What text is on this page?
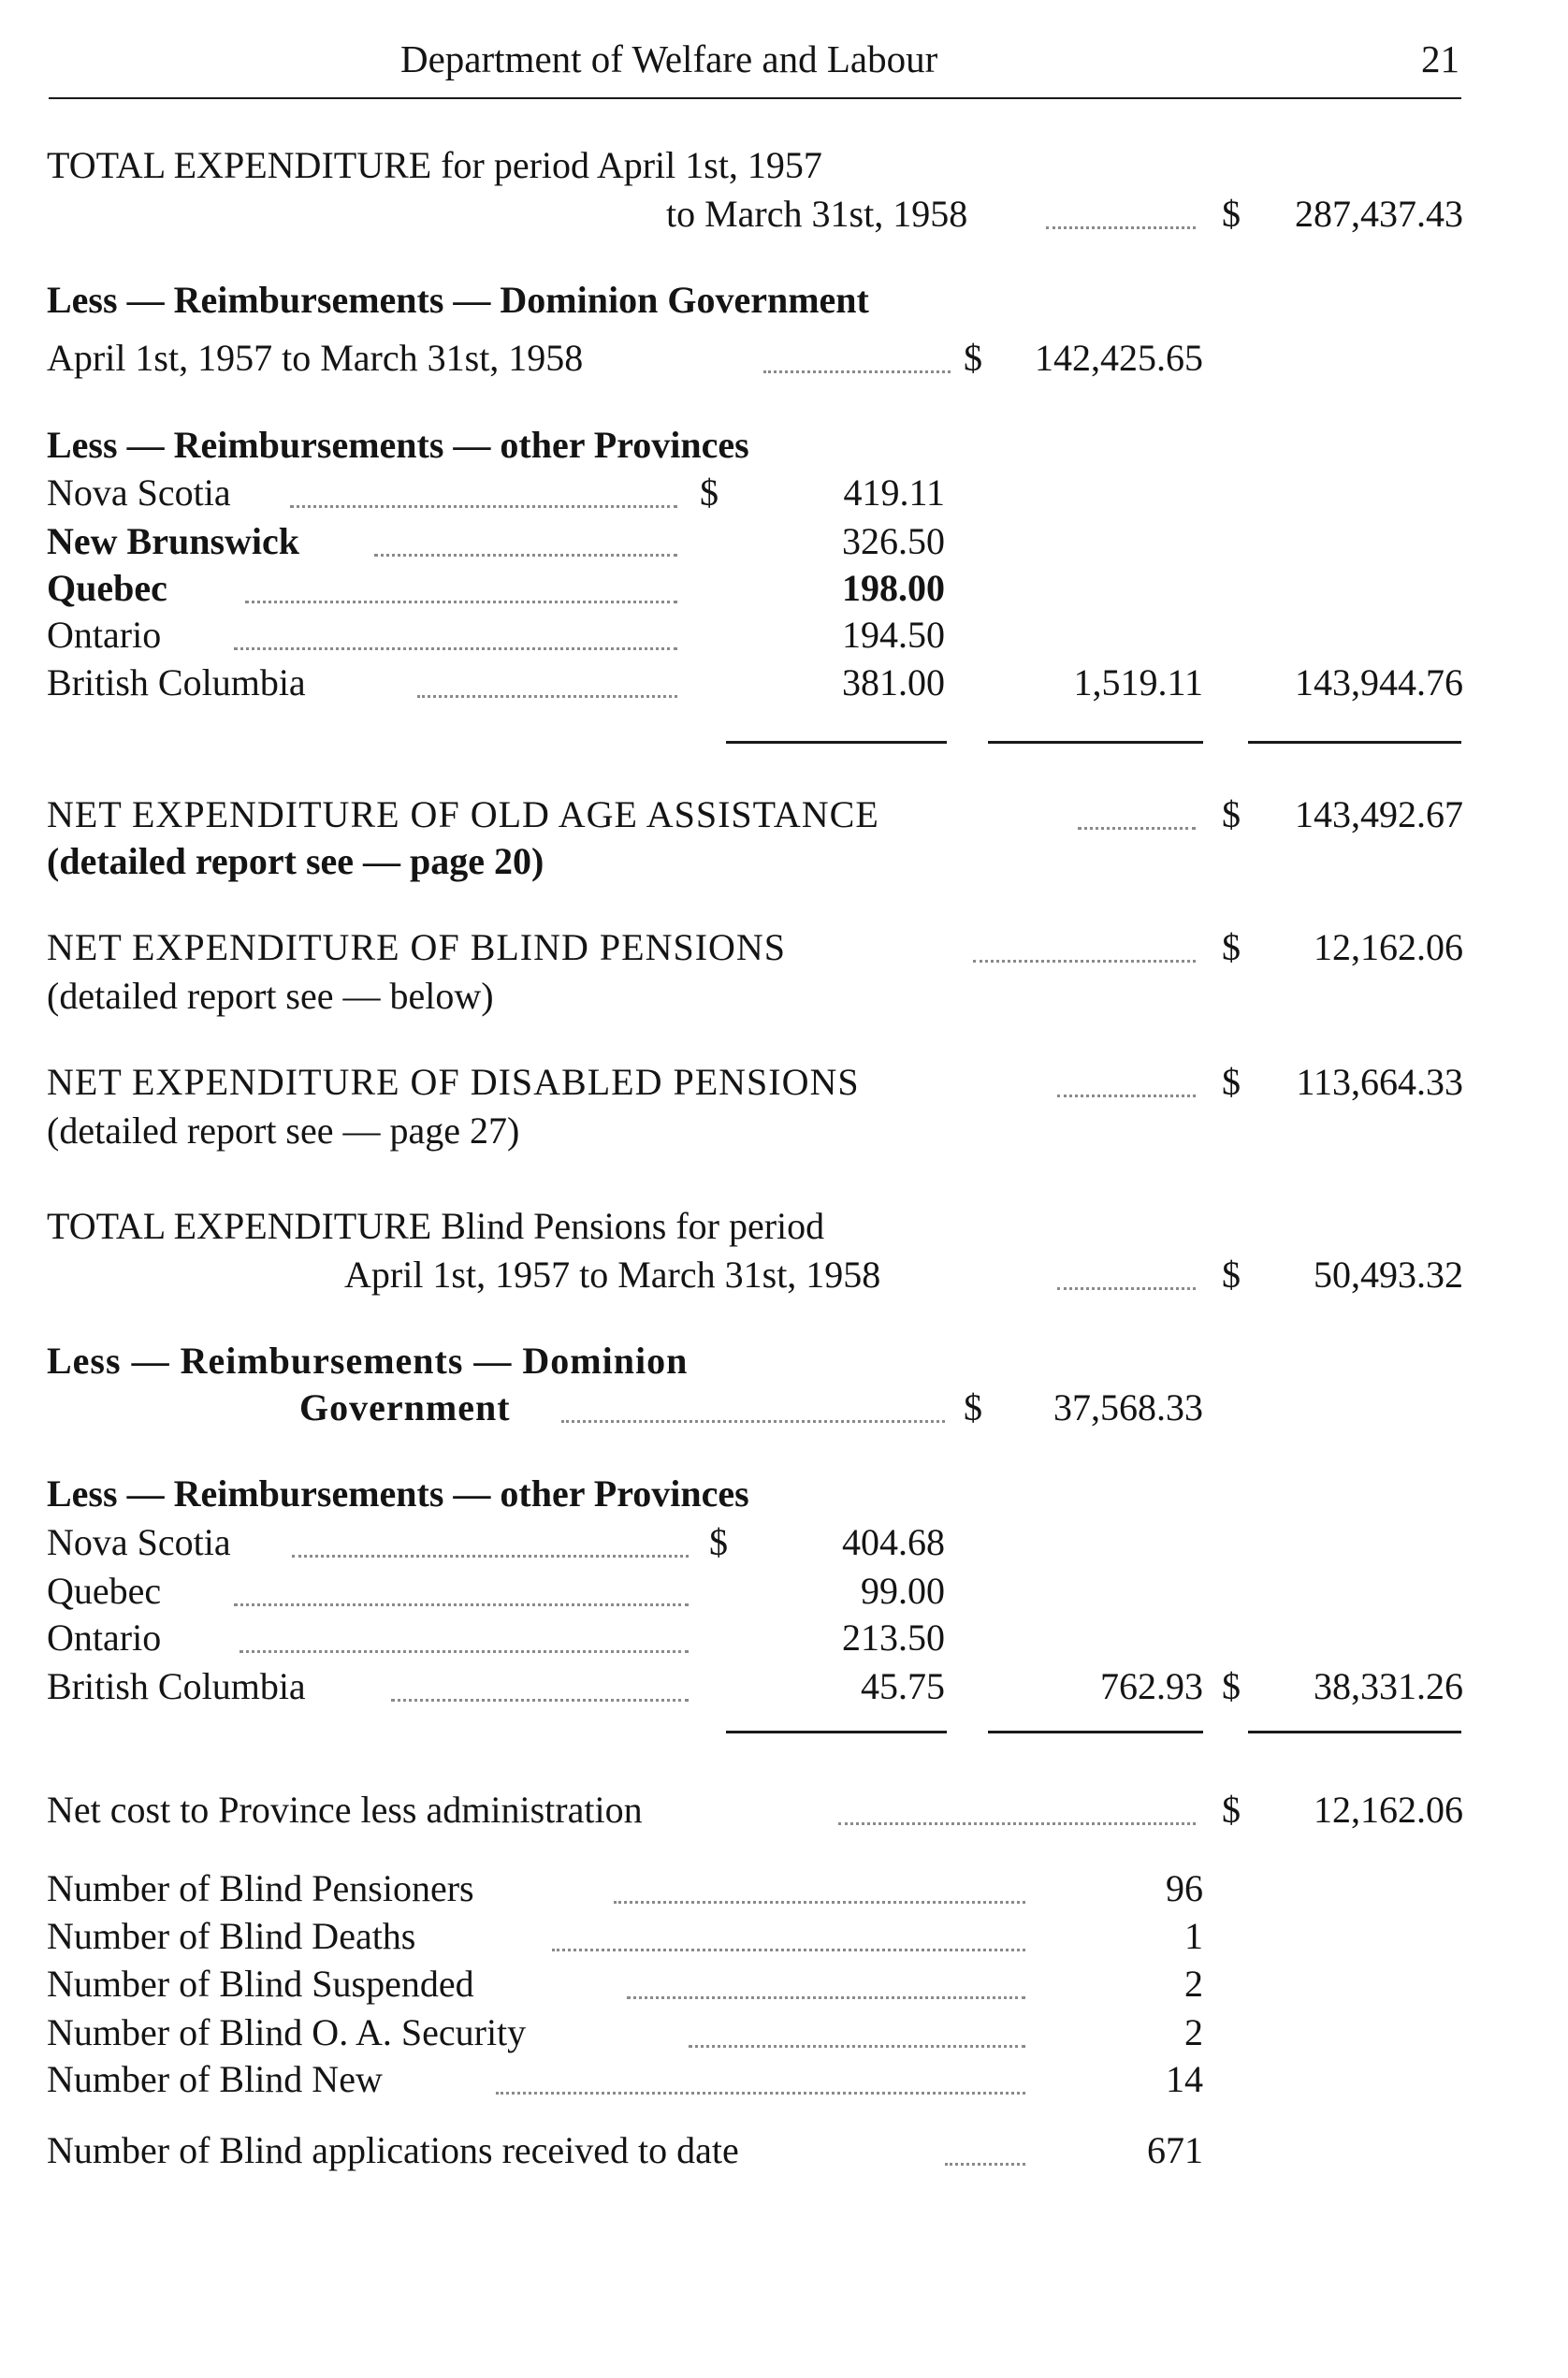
Department of Welfare and Labour	21
TOTAL EXPENDITURE for period April 1st, 1957
to March 31st, 1958	$	287,437.43
Less — Reimbursements — Dominion Government
April 1st, 1957 to March 31st, 1958	$	142,425.65
Less — Reimbursements — other Provinces
Nova Scotia	$	419.11
New Brunswick	326.50
Quebec	198.00
Ontario	194.50
British Columbia	381.00	1,519.11	143,944.76
NET EXPENDITURE OF OLD AGE ASSISTANCE	$	143,492.67
(detailed report see — page 20)
NET EXPENDITURE OF BLIND PENSIONS	$	12,162.06
(detailed report see — below)
NET EXPENDITURE OF DISABLED PENSIONS	$	113,664.33
(detailed report see — page 27)
TOTAL EXPENDITURE Blind Pensions for period
April 1st, 1957 to March 31st, 1958	$	50,493.32
Less — Reimbursements — Dominion
Government	$	37,568.33
Less — Reimbursements — other Provinces
Nova Scotia	$	404.68
Quebec	99.00
Ontario	213.50
British Columbia	45.75	762.93 $	38,331.26
Net cost to Province less administration	$	12,162.06
Number of Blind Pensioners	96
Number of Blind Deaths	1
Number of Blind Suspended	2
Number of Blind O. A. Security	2
Number of Blind New	14
Number of Blind applications received to date	671
